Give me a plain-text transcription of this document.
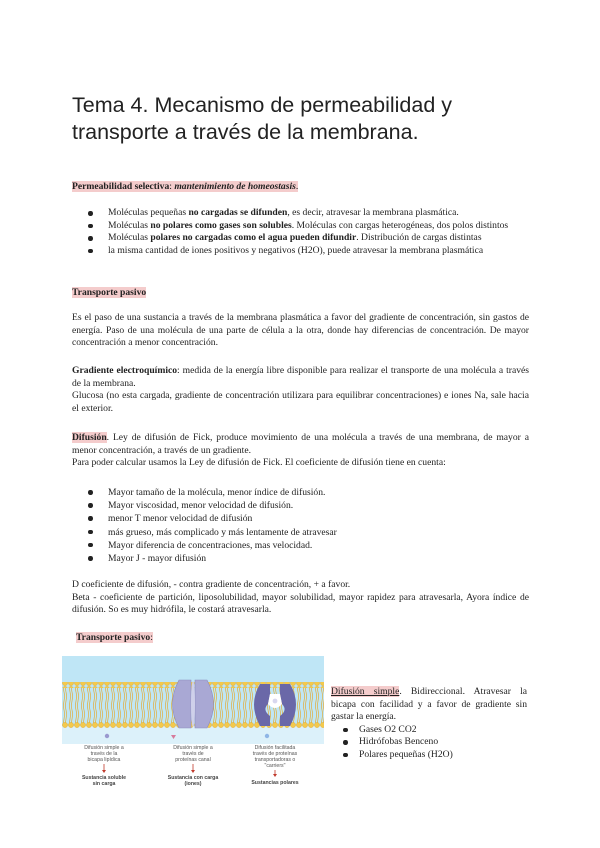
Tema 4. Mecanismo de permeabilidad y transporte a través de la membrana.

Permeabilidad selectiva: mantenimiento de homeostasis.

Moléculas pequeñas no cargadas se difunden, es decir, atravesar la membrana plasmática.
Moléculas no polares como gases son solubles. Moléculas con cargas heterogéneas, dos polos distintos
Moléculas polares no cargadas como el agua pueden difundir. Distribución de cargas distintas
la misma cantidad de iones positivos y negativos (H2O), puede atravesar la membrana plasmática

Transporte pasivo

Es el paso de una sustancia a través de la membrana plasmática a favor del gradiente de concentración, sin gastos de energía. Paso de una molécula de una parte de célula a la otra, donde hay diferencias de concentración. De mayor concentración a menor concentración.

Gradiente electroquímico: medida de la energía libre disponible para realizar el transporte de una molécula a través de la membrana.
Glucosa (no esta cargada, gradiente de concentración utilizara para equilibrar concentraciones) e iones Na, sale hacia el exterior.

Difusión. Ley de difusión de Fick, produce movimiento de una molécula a través de una membrana, de mayor a menor concentración, a través de un gradiente.
Para poder calcular usamos la Ley de difusión de Fick. El coeficiente de difusión tiene en cuenta:

Mayor tamaño de la molécula, menor índice de difusión.
Mayor viscosidad, menor velocidad de difusión.
menor T menor velocidad de difusión
más grueso, más complicado y más lentamente de atravesar
Mayor diferencia de concentraciones, mas velocidad.
Mayor J - mayor difusión

D coeficiente de difusión, - contra gradiente de concentración, + a favor.
Beta - coeficiente de partición, liposolubilidad, mayor solubilidad, mayor rapidez para atravesarla, Ayora índice de difusión. So es muy hidrófila, le costará atravesarla.

Transporte pasivo:

Difusión simple a
través de la
bicapa lipídica
Sustancia soluble
sin carga
Difusión simple a
través de
proteínas canal
Sustancia con carga
(iones)
Difusión facilitada
través de proteínas
transportadoras o
"carriers"
Sustancias polares

Difusión simple. Bidireccional. Atravesar la bicapa con facilidad y a favor de gradiente sin gastar la energía.

Gases O2 CO2
Hidrófobas Benceno
Polares pequeñas (H2O)
